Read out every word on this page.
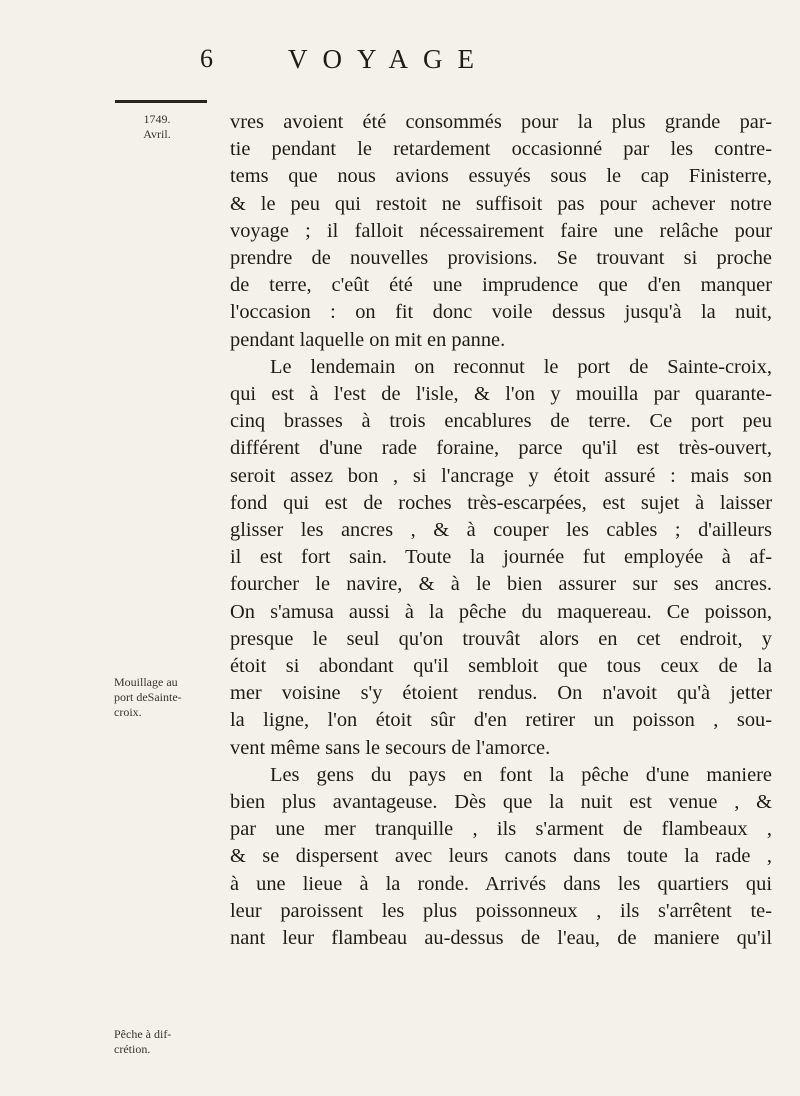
6	VOYAGE
1749.
Avril.
Mouillage au
port deSainte-
croix.
Pêche à dif-
crétion.
vres avoient été consommés pour la plus grande par-
tie pendant le retardement occasionné par les contre-
tems que nous avions essuyés sous le cap Finisterre,
& le peu qui restoit ne suffisoit pas pour achever notre
voyage ; il falloit nécessairement faire une relâche pour
prendre de nouvelles provisions. Se trouvant si proche
de terre, c'eût été une imprudence que d'en manquer
l'occasion : on fit donc voile dessus jusqu'à la nuit,
pendant laquelle on mit en panne.
Le lendemain on reconnut le port de Sainte-croix,
qui est à l'est de l'isle, & l'on y mouilla par quarante-
cinq brasses à trois encablures de terre. Ce port peu
différent d'une rade foraine, parce qu'il est très-ouvert,
seroit assez bon , si l'ancrage y étoit assuré : mais son
fond qui est de roches très-escarpées, est sujet à laisser
glisser les ancres , & à couper les cables ; d'ailleurs
il est fort sain. Toute la journée fut employée à af-
fourcher le navire, & à le bien assurer sur ses ancres.
On s'amusa aussi à la pêche du maquereau. Ce poisson,
presque le seul qu'on trouvât alors en cet endroit, y
étoit si abondant qu'il sembloit que tous ceux de la
mer voisine s'y étoient rendus. On n'avoit qu'à jetter
la ligne, l'on étoit sûr d'en retirer un poisson , sou-
vent même sans le secours de l'amorce.
Les gens du pays en font la pêche d'une maniere
bien plus avantageuse. Dès que la nuit est venue , &
par une mer tranquille , ils s'arment de flambeaux ,
& se dispersent avec leurs canots dans toute la rade ,
à une lieue à la ronde. Arrivés dans les quartiers qui
leur paroissent les plus poissonneux , ils s'arrêtent te-
nant leur flambeau au-dessus de l'eau, de maniere qu'il
